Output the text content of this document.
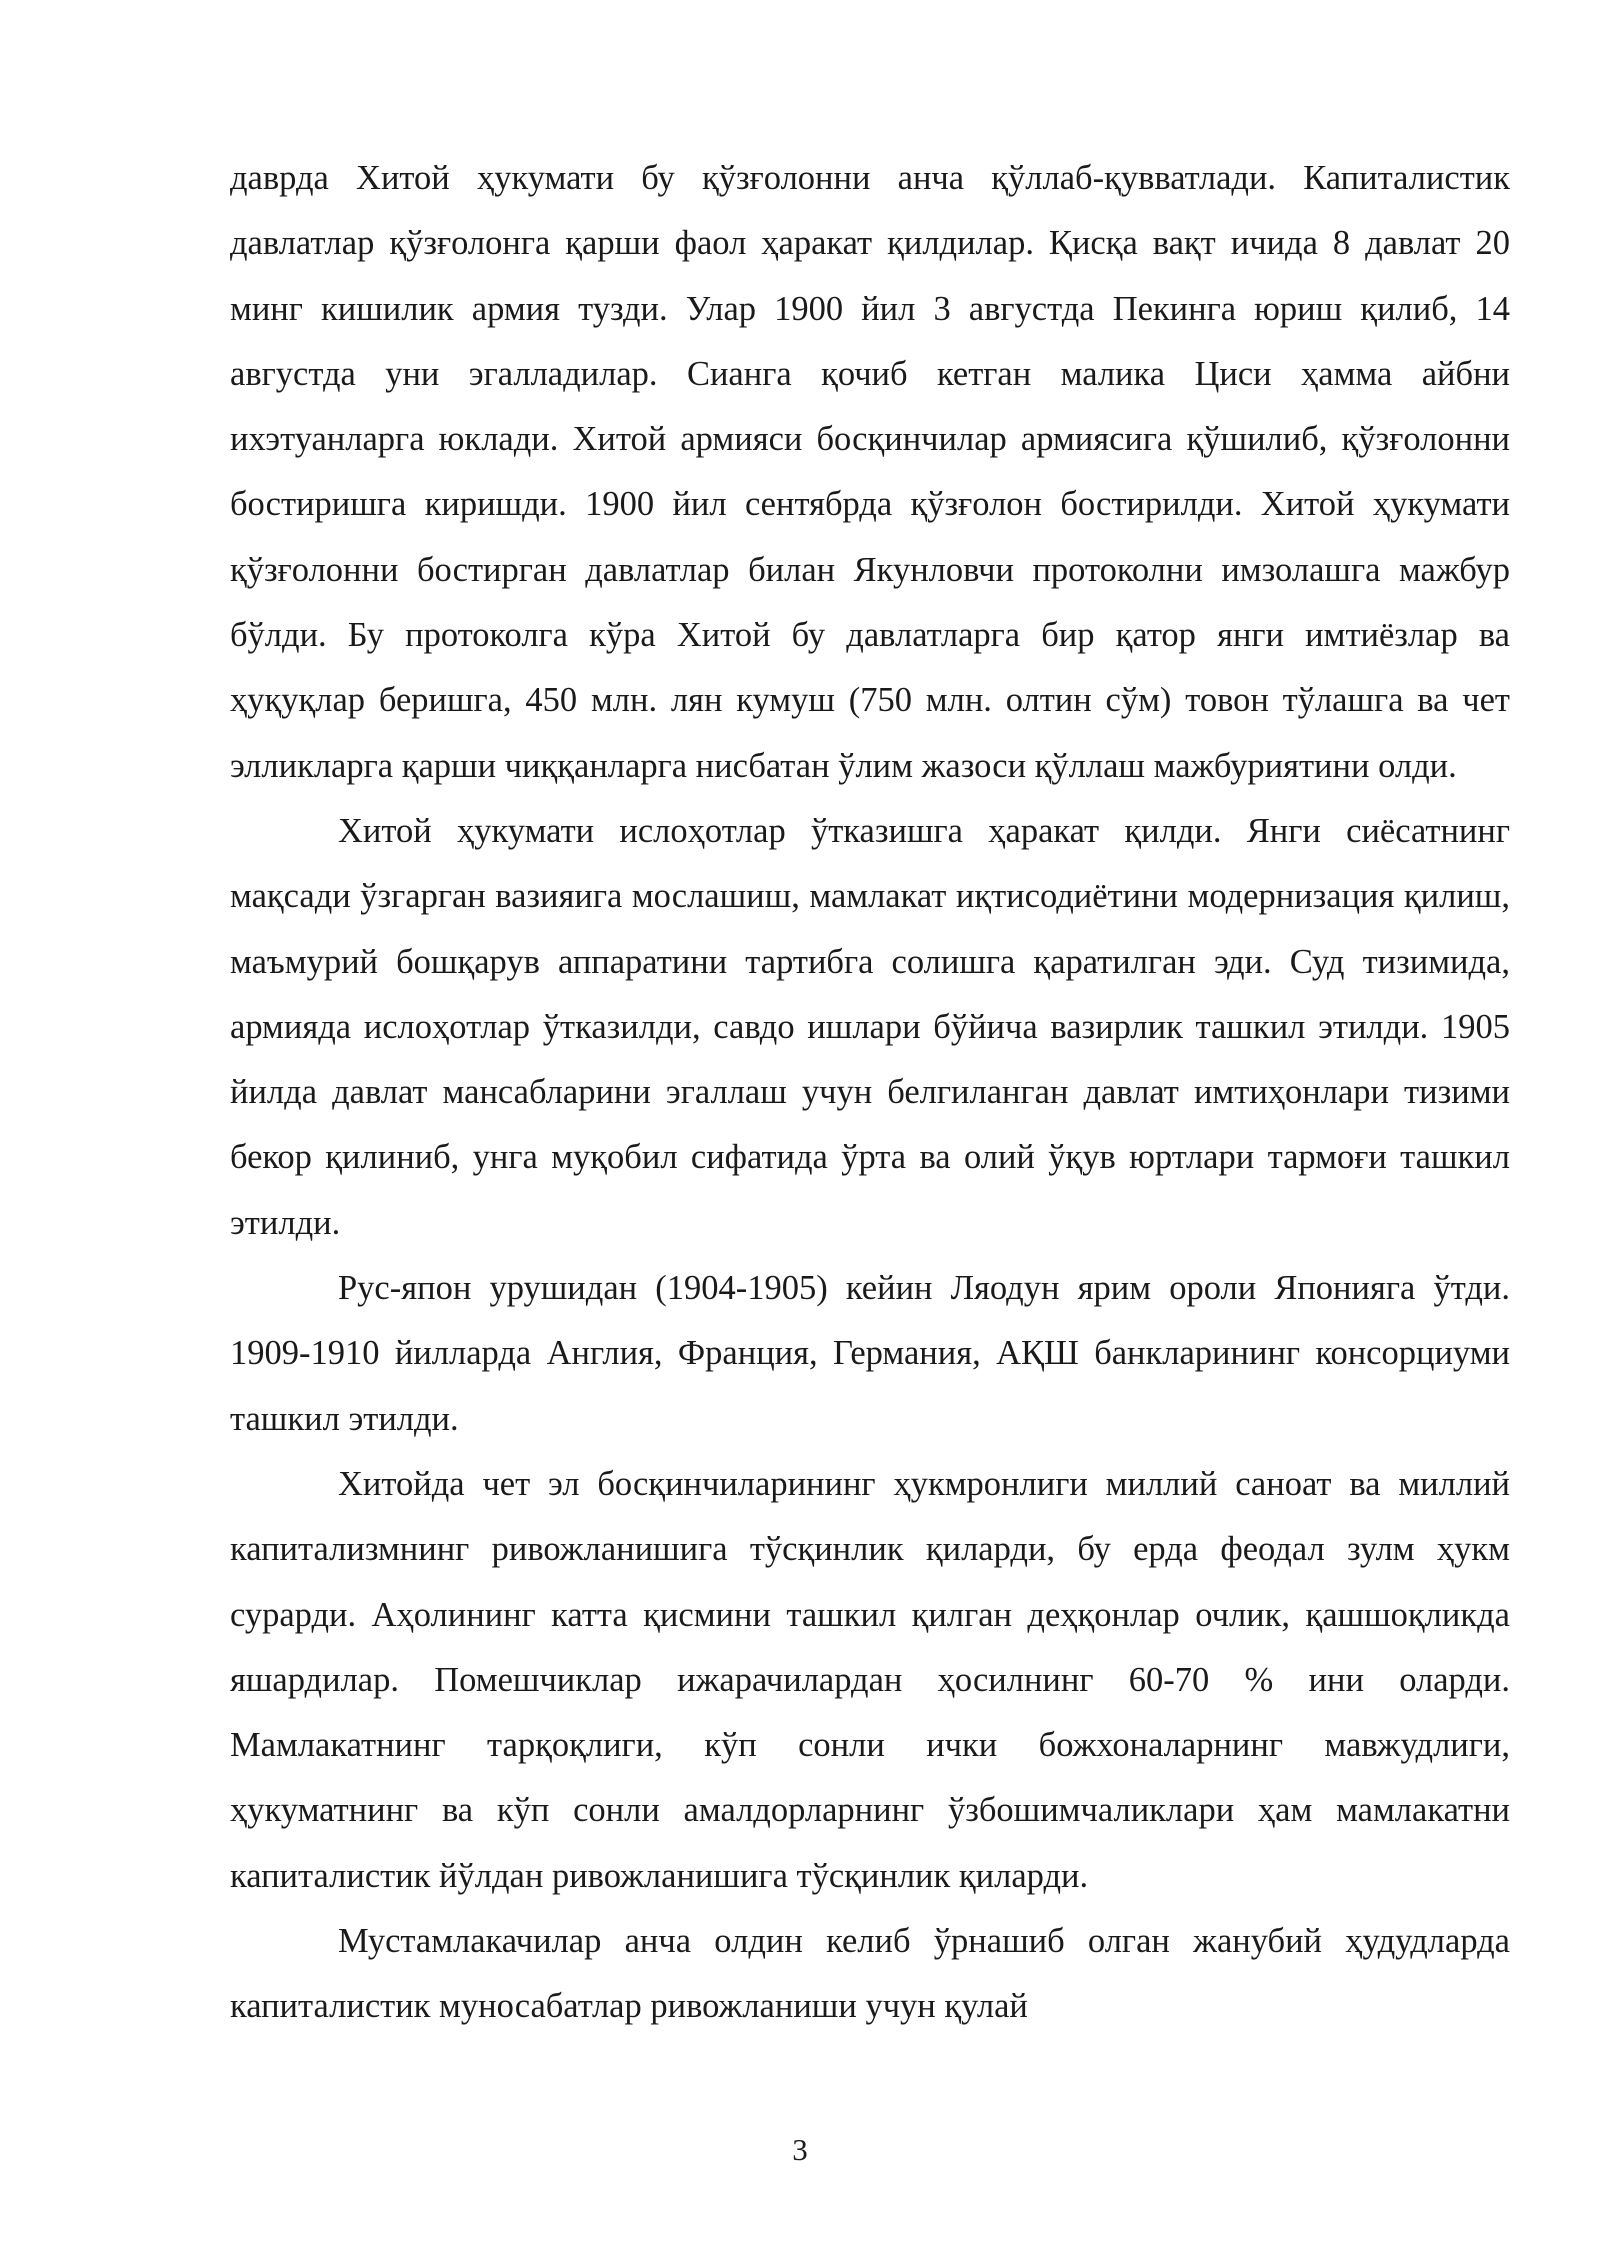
даврда Хитой ҳукумати бу қўзғолонни анча қўллаб-қувватлади. Капиталистик давлатлар қўзғолонга қарши фаол ҳаракат қилдилар. Қисқа вақт ичида 8 давлат 20 минг кишилик армия тузди. Улар 1900 йил 3 августда Пекинга юриш қилиб, 14 августда уни эгалладилар. Сианга қочиб кетган малика Циси ҳамма айбни ихэтуанларга юклади. Хитой армияси босқинчилар армиясига қўшилиб, қўзғолонни бостиришга киришди. 1900 йил сентябрда қўзғолон бостирилди. Хитой ҳукумати қўзғолонни бостирган давлатлар билан Якунловчи протоколни имзолашга мажбур бўлди. Бу протоколга кўра Хитой бу давлатларга бир қатор янги имтиёзлар ва ҳуқуқлар беришга, 450 млн. лян кумуш (750 млн. олтин сўм) товон тўлашга ва чет элликларга қарши чиққанларга нисбатан ўлим жазоси қўллаш мажбуриятини олди.

Хитой ҳукумати ислоҳотлар ўтказишга ҳаракат қилди. Янги сиёсатнинг мақсади ўзгарган вазияига мослашиш, мамлакат иқтисодиётини модернизация қилиш, маъмурий бошқарув аппаратини тартибга солишга қаратилган эди. Суд тизимида, армияда ислоҳотлар ўтказилди, савдо ишлари бўйича вазирлик ташкил этилди. 1905 йилда давлат мансабларини эгаллаш учун белгиланган давлат имтиҳонлари тизими бекор қилиниб, унга муқобил сифатида ўрта ва олий ўқув юртлари тармоғи ташкил этилди.

Рус-япон урушидан (1904-1905) кейин Ляодун ярим ороли Японияга ўтди. 1909-1910 йилларда Англия, Франция, Германия, АҚШ банкларининг консорциуми ташкил этилди.

Хитойда чет эл босқинчиларининг ҳукмронлиги миллий саноат ва миллий капитализмнинг ривожланишига тўсқинлик қиларди, бу ерда феодал зулм ҳукм сурарди. Аҳолининг катта қисмини ташкил қилган деҳқонлар очлик, қашшоқликда яшардилар. Помешчиклар ижарачилардан ҳосилнинг 60-70 % ини оларди. Мамлакатнинг тарқоқлиги, кўп сонли ички божхоналарнинг мавжудлиги, ҳукуматнинг ва кўп сонли амалдорларнинг ўзбошимчаликлари ҳам мамлакатни капиталистик йўлдан ривожланишига тўсқинлик қиларди.

Мустамлакачилар анча олдин келиб ўрнашиб олган жанубий ҳудудларда капиталистик муносабатлар ривожланиши учун қулай

3
